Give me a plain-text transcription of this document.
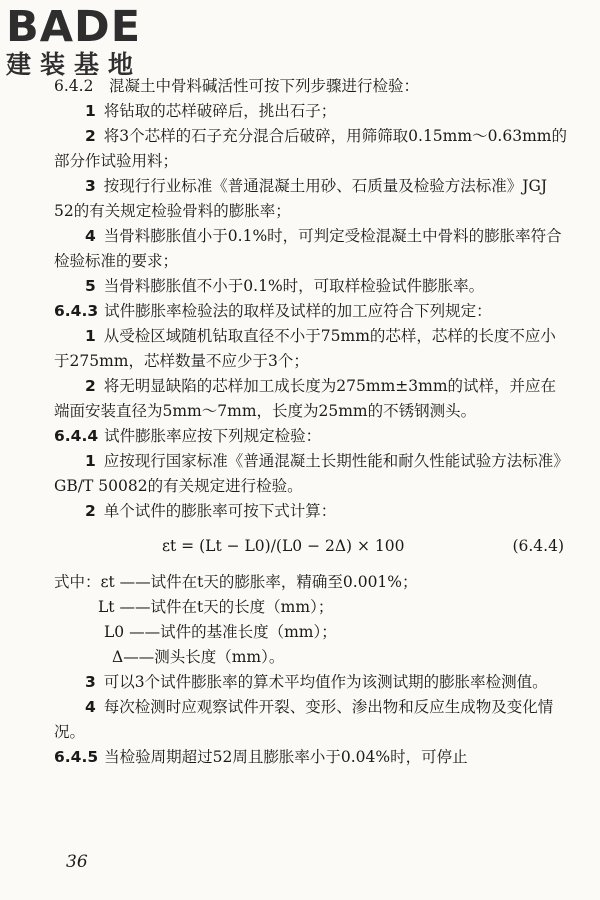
BADE
建装基地

6.4.2　混凝土中骨料碱活性可按下列步骤进行检验：

1 将钻取的芯样破碎后，挑出石子；

2 将3个芯样的石子充分混合后破碎，用筛筛取0.15mm～0.63mm的部分作试验用料；

3 按现行行业标准《普通混凝土用砂、石质量及检验方法标准》JGJ 52的有关规定检验骨料的膨胀率；

4 当骨料膨胀值小于0.1%时，可判定受检混凝土中骨料的膨胀率符合检验标准的要求；

5 当骨料膨胀值不小于0.1%时，可取样检验试件膨胀率。

6.4.3 试件膨胀率检验法的取样及试样的加工应符合下列规定：

1 从受检区域随机钻取直径不小于75mm的芯样，芯样的长度不应小于275mm，芯样数量不应少于3个；

2 将无明显缺陷的芯样加工成长度为275mm±3mm的试样，并应在端面安装直径为5mm～7mm，长度为25mm的不锈钢测头。

6.4.4 试件膨胀率应按下列规定检验：

1 应按现行国家标准《普通混凝土长期性能和耐久性能试验方法标准》GB/T 50082的有关规定进行检验。

2 单个试件的膨胀率可按下式计算：

εt = (Lt − L0)/(L0 − 2Δ) × 100	(6.4.4)

式中：εt ——试件在t天的膨胀率，精确至0.001%；

Lt ——试件在t天的长度（mm）；

L0 ——试件的基准长度（mm）；

Δ——测头长度（mm）。

3 可以3个试件膨胀率的算术平均值作为该测试期的膨胀率检测值。

4 每次检测时应观察试件开裂、变形、渗出物和反应生成物及变化情况。

6.4.5 当检验周期超过52周且膨胀率小于0.04%时，可停止

36
